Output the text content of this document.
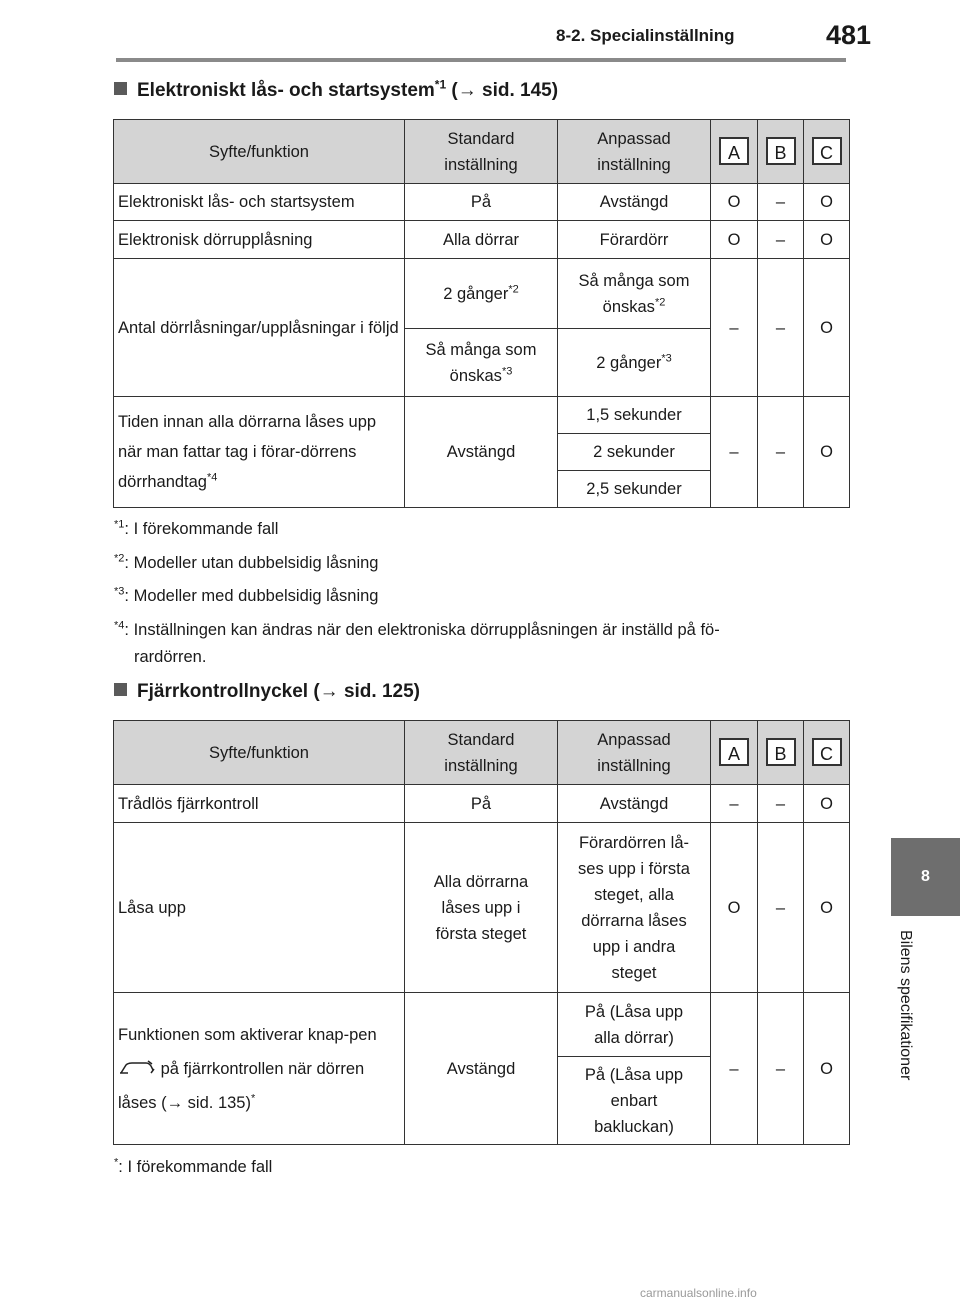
8-2. Specialinställning	481
8
Bilens specifikationer
Elektroniskt lås- och startsystem$^{*1}$ (→ sid. 145)
Syfte/funktion	Standard inställning	Anpassad inställning	A	B	C
Elektroniskt lås- och startsystem	På	Avstängd	O	–	O
Elektronisk dörrupplåsning	Alla dörrar	Förardörr	O	–	O
Antal dörrlåsningar/upplåsningar i följd	2 gånger$^{*2}$	Så många som önskas$^{*2}$	–	–	O
	Så många som önskas$^{*3}$	2 gånger$^{*3}$
Tiden innan alla dörrarna låses upp när man fattar tag i förar-dörrens dörrhandtag$^{*4}$	Avstängd	1,5 sekunder	–	–	O
		2 sekunder			
		2,5 sekunder			
$^{*1}$: I förekommande fall
$^{*2}$: Modeller utan dubbelsidig låsning
$^{*3}$: Modeller med dubbelsidig låsning
$^{*4}$: Inställningen kan ändras när den elektroniska dörrupplåsningen är inställd på fö-
rardörren.
Fjärrkontrollnyckel (→ sid. 125)
Syfte/funktion	Standard inställning	Anpassad inställning	A	B	C
Trådlös fjärrkontroll	På	Avstängd	–	–	O
Låsa upp	Alla dörrarna låses upp i första steget	Förardörren lå-ses upp i första steget, alla dörrarna låses upp i andra steget	O	–	O
Funktionen som aktiverar knap-pen  på fjärrkontrollen när dörren låses (→ sid. 135)*	Avstängd	På (Låsa upp alla dörrar)	–	–	O
		På (Låsa upp enbart bakluckan)			
*: I förekommande fall
carmanualsonline.info
